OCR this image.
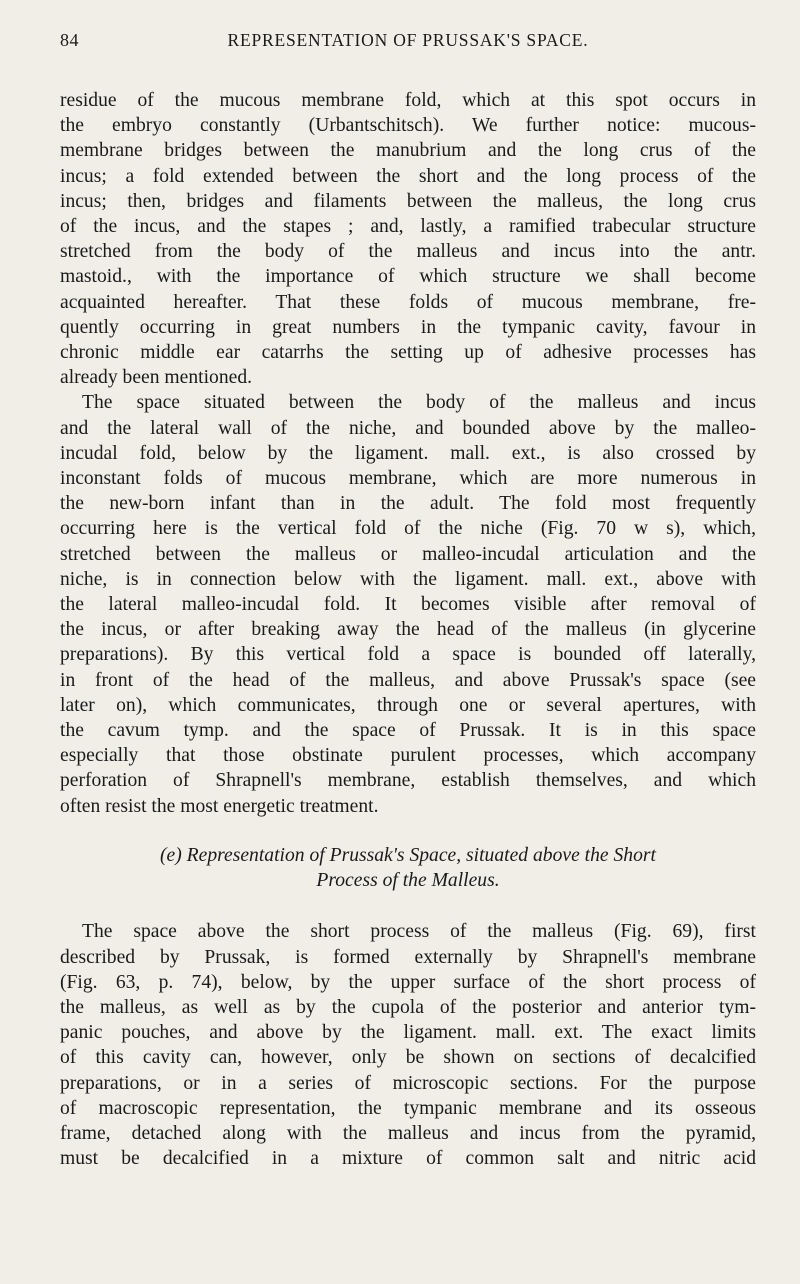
84	REPRESENTATION OF PRUSSAK'S SPACE.

residue of the mucous membrane fold, which at this spot occurs in
the embryo constantly (Urbantschitsch). We further notice: mucous-
membrane bridges between the manubrium and the long crus of the
incus; a fold extended between the short and the long process of the
incus; then, bridges and filaments between the malleus, the long crus
of the incus, and the stapes ; and, lastly, a ramified trabecular structure
stretched from the body of the malleus and incus into the antr.
mastoid., with the importance of which structure we shall become
acquainted hereafter. That these folds of mucous membrane, fre-
quently occurring in great numbers in the tympanic cavity, favour in
chronic middle ear catarrhs the setting up of adhesive processes has
already been mentioned.

The space situated between the body of the malleus and incus
and the lateral wall of the niche, and bounded above by the malleo-
incudal fold, below by the ligament. mall. ext., is also crossed by
inconstant folds of mucous membrane, which are more numerous in
the new-born infant than in the adult. The fold most frequently
occurring here is the vertical fold of the niche (Fig. 70 w s), which,
stretched between the malleus or malleo-incudal articulation and the
niche, is in connection below with the ligament. mall. ext., above with
the lateral malleo-incudal fold. It becomes visible after removal of
the incus, or after breaking away the head of the malleus (in glycerine
preparations). By this vertical fold a space is bounded off laterally,
in front of the head of the malleus, and above Prussak's space (see
later on), which communicates, through one or several apertures, with
the cavum tymp. and the space of Prussak. It is in this space
especially that those obstinate purulent processes, which accompany
perforation of Shrapnell's membrane, establish themselves, and which
often resist the most energetic treatment.

(e) Representation of Prussak's Space, situated above the Short
Process of the Malleus.

The space above the short process of the malleus (Fig. 69), first
described by Prussak, is formed externally by Shrapnell's membrane
(Fig. 63, p. 74), below, by the upper surface of the short process of
the malleus, as well as by the cupola of the posterior and anterior tym-
panic pouches, and above by the ligament. mall. ext. The exact limits
of this cavity can, however, only be shown on sections of decalcified
preparations, or in a series of microscopic sections. For the purpose
of macroscopic representation, the tympanic membrane and its osseous
frame, detached along with the malleus and incus from the pyramid,
must be decalcified in a mixture of common salt and nitric acid
